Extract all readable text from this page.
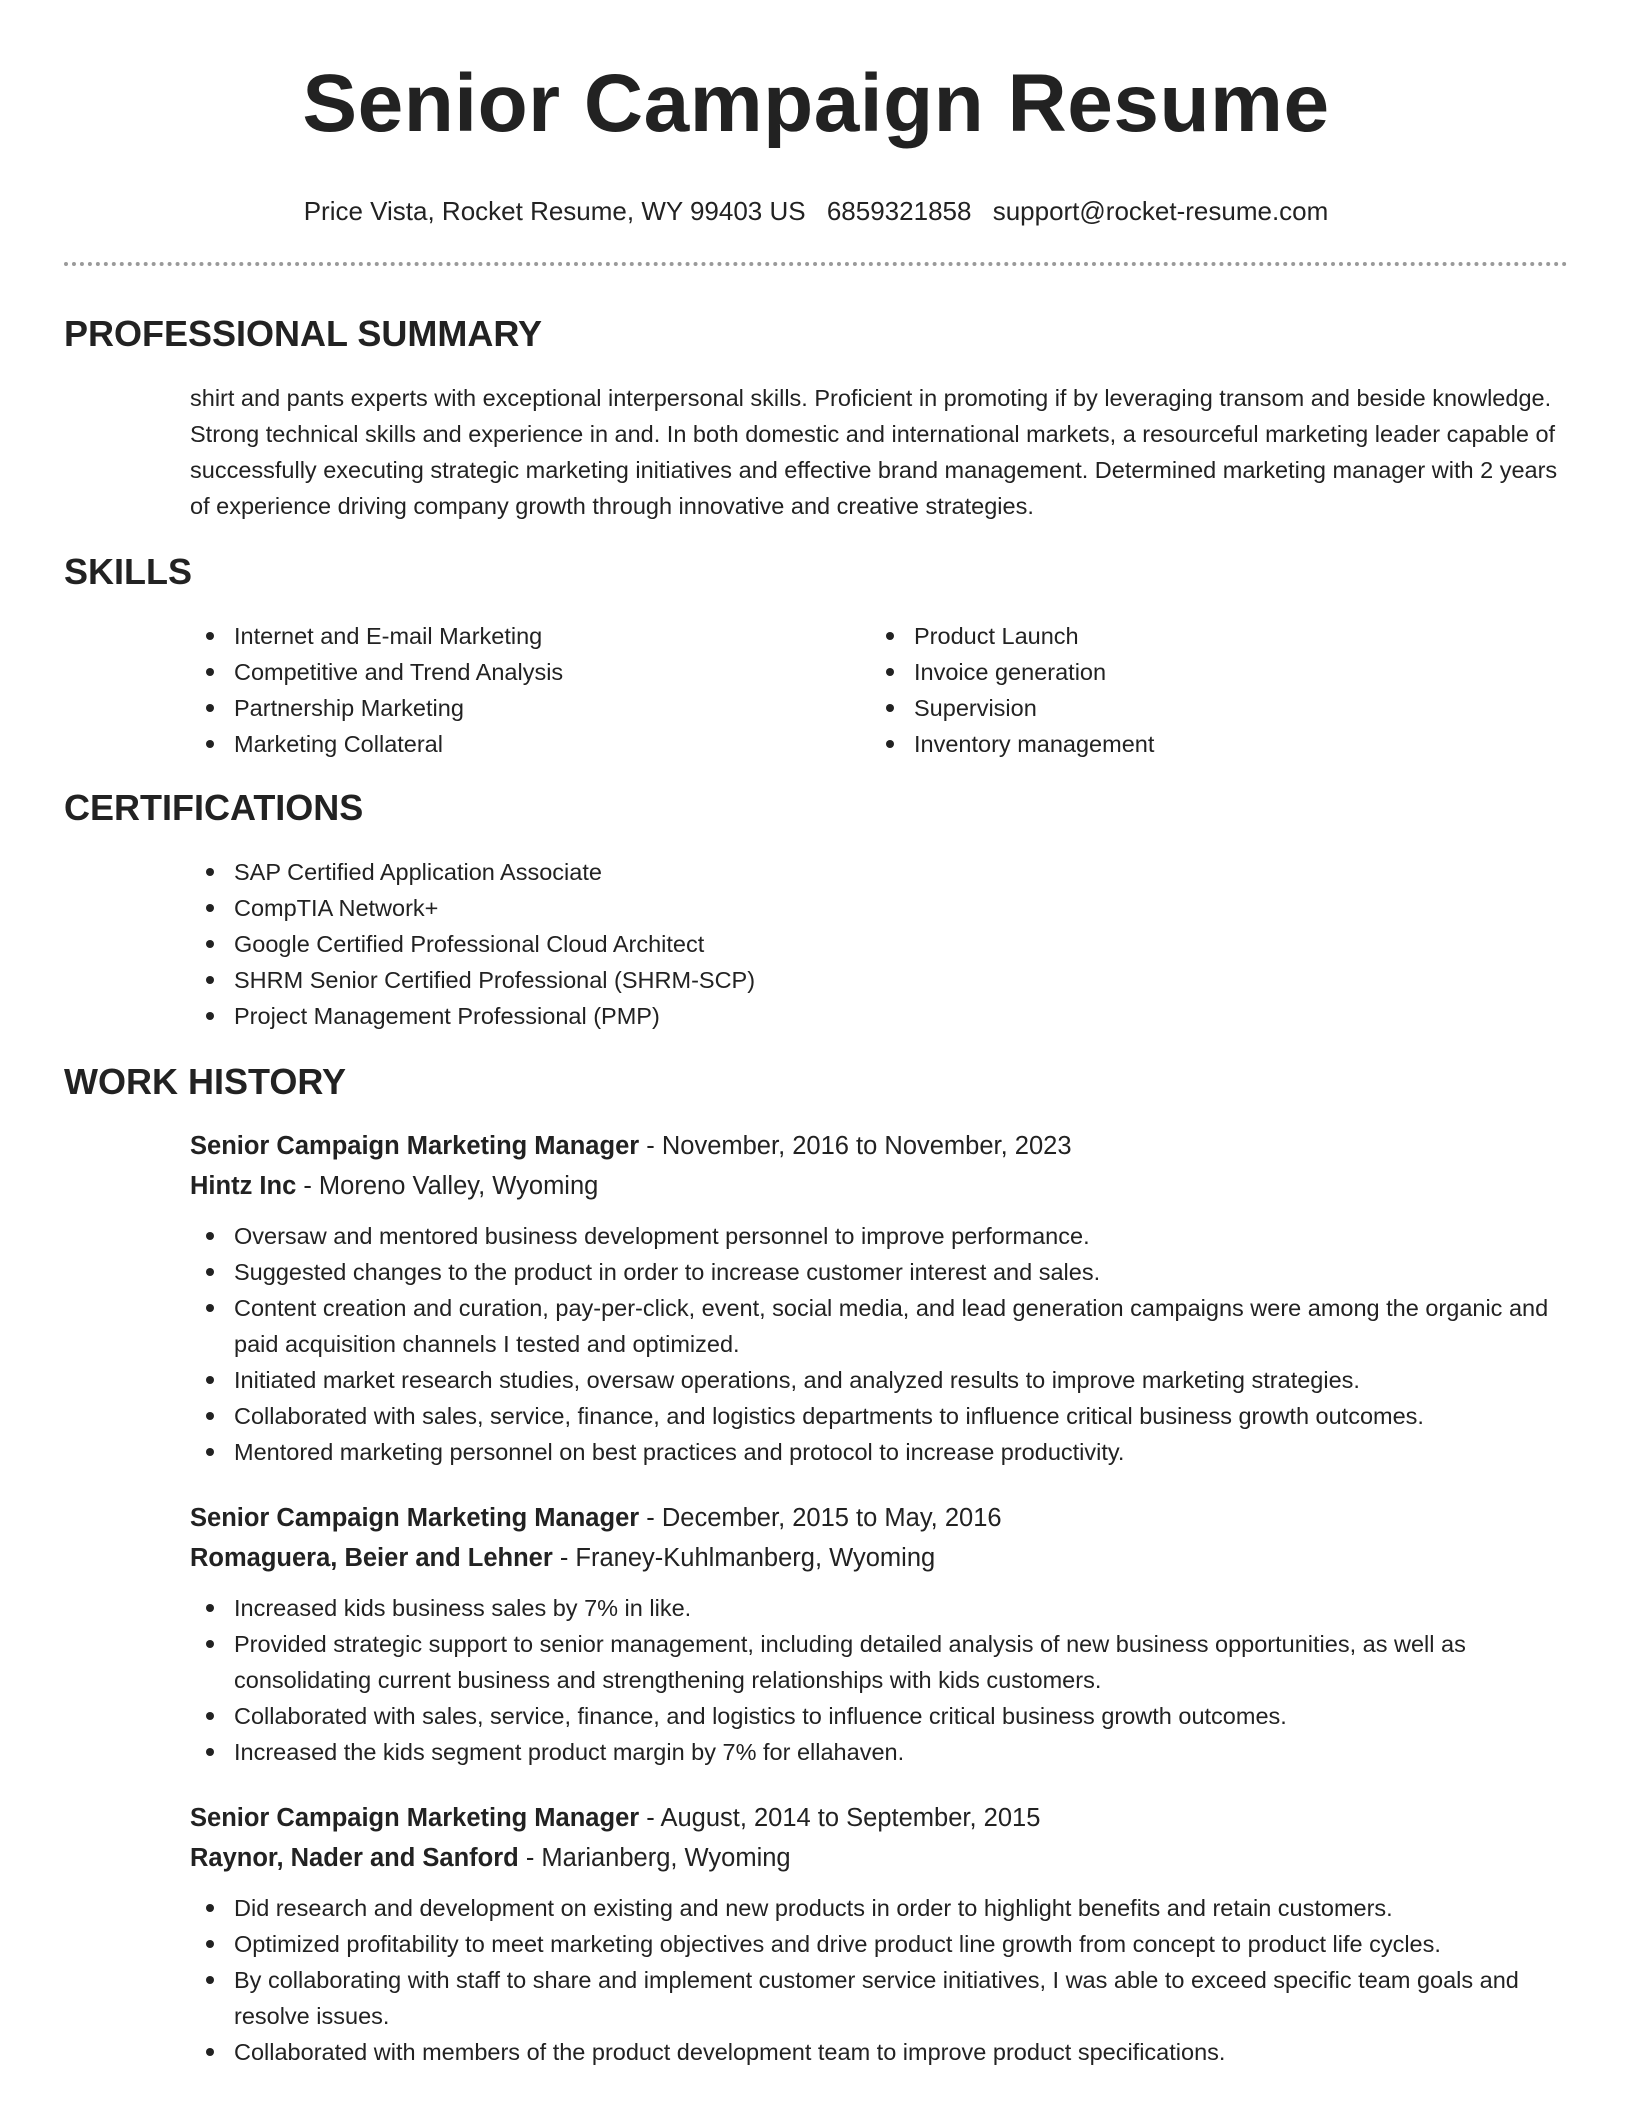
Senior Campaign Resume
Price Vista, Rocket Resume, WY 99403 US 6859321858 support@rocket-resume.com
PROFESSIONAL SUMMARY

shirt and pants experts with exceptional interpersonal skills. Proficient in promoting if by leveraging transom and beside knowledge. Strong technical skills and experience in and. In both domestic and international markets, a resourceful marketing leader capable of successfully executing strategic marketing initiatives and effective brand management. Determined marketing manager with 2 years of experience driving company growth through innovative and creative strategies.

SKILLS
Internet and E-mail Marketing
Competitive and Trend Analysis
Partnership Marketing
Marketing Collateral
Product Launch
Invoice generation
Supervision
Inventory management
CERTIFICATIONS
SAP Certified Application Associate
CompTIA Network+
Google Certified Professional Cloud Architect
SHRM Senior Certified Professional (SHRM-SCP)
Project Management Professional (PMP)
WORK HISTORY
Senior Campaign Marketing Manager - November, 2016 to November, 2023
Hintz Inc - Moreno Valley, Wyoming
Oversaw and mentored business development personnel to improve performance.
Suggested changes to the product in order to increase customer interest and sales.
Content creation and curation, pay-per-click, event, social media, and lead generation campaigns were among the organic and paid acquisition channels I tested and optimized.
Initiated market research studies, oversaw operations, and analyzed results to improve marketing strategies.
Collaborated with sales, service, finance, and logistics departments to influence critical business growth outcomes.
Mentored marketing personnel on best practices and protocol to increase productivity.
Senior Campaign Marketing Manager - December, 2015 to May, 2016
Romaguera, Beier and Lehner - Franey-Kuhlmanberg, Wyoming
Increased kids business sales by 7% in like.
Provided strategic support to senior management, including detailed analysis of new business opportunities, as well as consolidating current business and strengthening relationships with kids customers.
Collaborated with sales, service, finance, and logistics to influence critical business growth outcomes.
Increased the kids segment product margin by 7% for ellahaven.
Senior Campaign Marketing Manager - August, 2014 to September, 2015
Raynor, Nader and Sanford - Marianberg, Wyoming
Did research and development on existing and new products in order to highlight benefits and retain customers.
Optimized profitability to meet marketing objectives and drive product line growth from concept to product life cycles.
By collaborating with staff to share and implement customer service initiatives, I was able to exceed specific team goals and resolve issues.
Collaborated with members of the product development team to improve product specifications.
